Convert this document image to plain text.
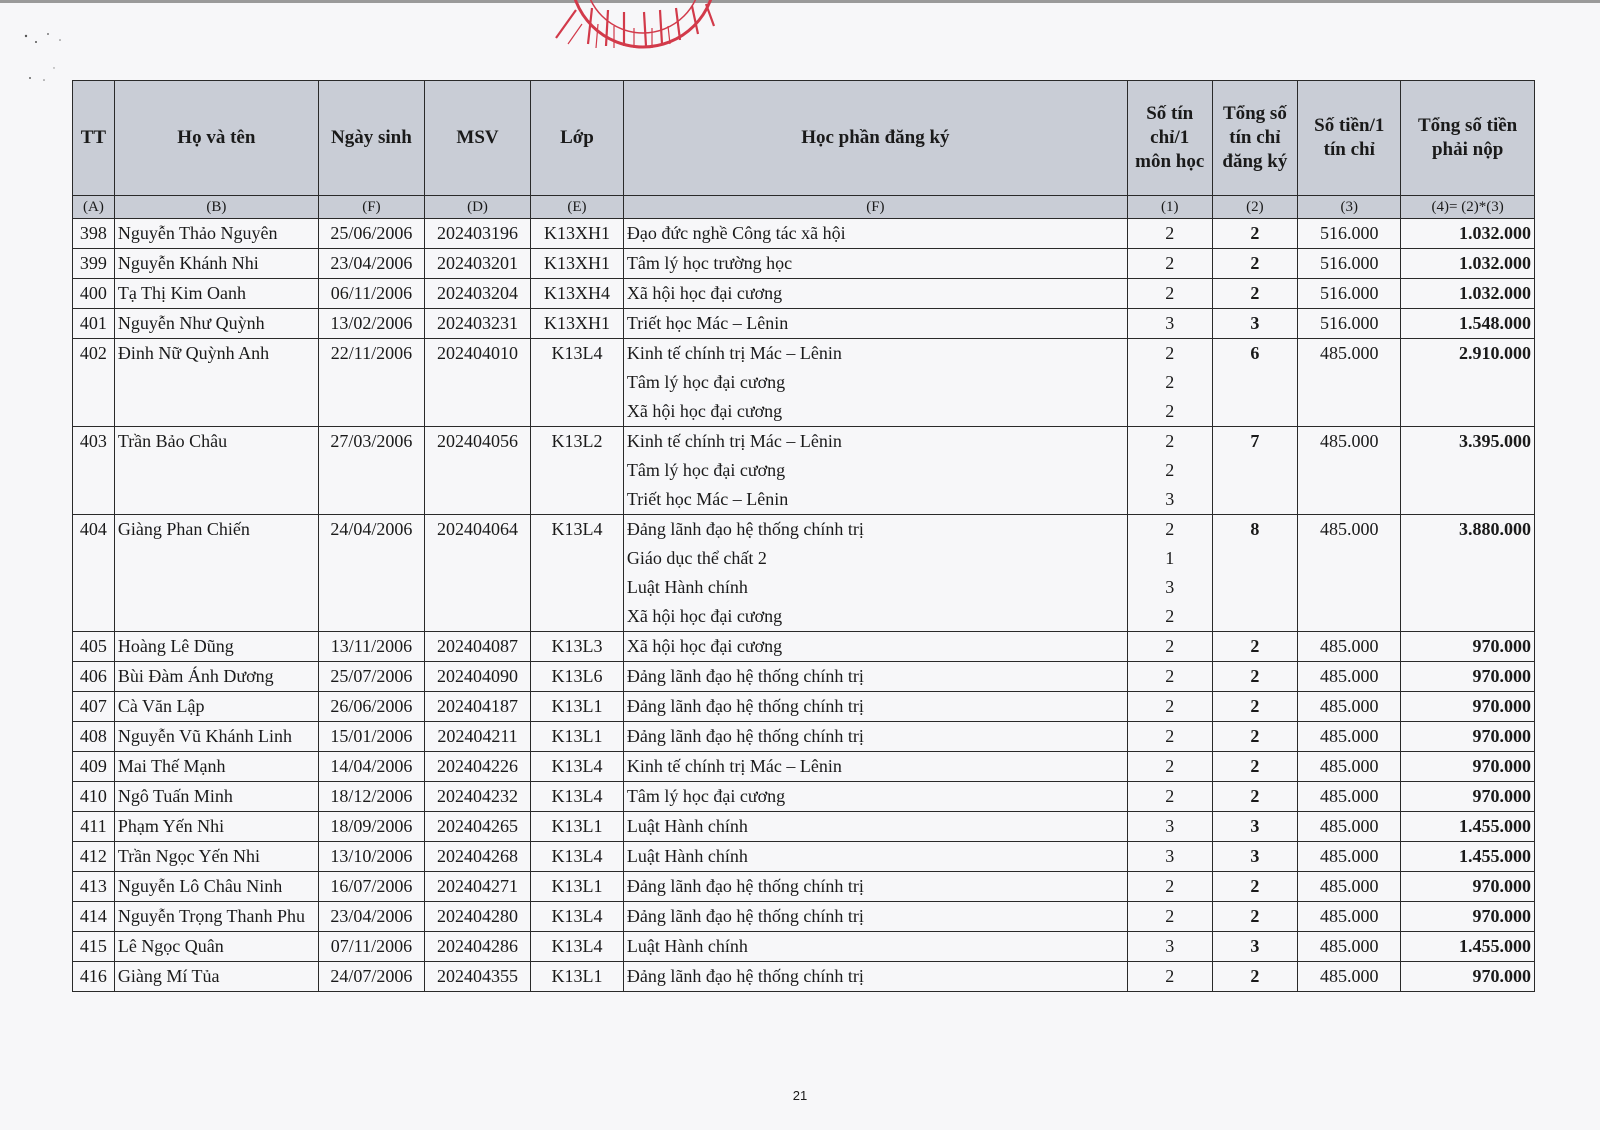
TT	Họ và tên	Ngày sinh	MSV	Lớp	Học phần đăng ký	Số tín chỉ/1 môn học	Tổng số tín chỉ đăng ký	Số tiền/1 tín chỉ	Tổng số tiền phải nộp
(A)	(B)	(F)	(D)	(E)	(F)	(1)	(2)	(3)	(4)= (2)*(3)
398	Nguyễn Thảo Nguyên	25/06/2006	202403196	K13XH1	Đạo đức nghề Công tác xã hội	2	2	516.000	1.032.000
399	Nguyễn Khánh Nhi	23/04/2006	202403201	K13XH1	Tâm lý học trường học	2	2	516.000	1.032.000
400	Tạ Thị Kim Oanh	06/11/2006	202403204	K13XH4	Xã hội học đại cương	2	2	516.000	1.032.000
401	Nguyễn Như Quỳnh	13/02/2006	202403231	K13XH1	Triết học Mác – Lênin	3	3	516.000	1.548.000
402	Đinh Nữ Quỳnh Anh	22/11/2006	202404010	K13L4	Kinh tế chính trị Mác – Lênin	2	6	485.000	2.910.000
					Tâm lý học đại cương	2			
					Xã hội học đại cương	2			
403	Trần Bảo Châu	27/03/2006	202404056	K13L2	Kinh tế chính trị Mác – Lênin	2	7	485.000	3.395.000
					Tâm lý học đại cương	2			
					Triết học Mác – Lênin	3			
404	Giàng Phan Chiến	24/04/2006	202404064	K13L4	Đảng lãnh đạo hệ thống chính trị	2	8	485.000	3.880.000
					Giáo dục thể chất 2	1			
					Luật Hành chính	3			
					Xã hội học đại cương	2			
405	Hoàng Lê Dũng	13/11/2006	202404087	K13L3	Xã hội học đại cương	2	2	485.000	970.000
406	Bùi Đàm Ánh Dương	25/07/2006	202404090	K13L6	Đảng lãnh đạo hệ thống chính trị	2	2	485.000	970.000
407	Cà Văn Lập	26/06/2006	202404187	K13L1	Đảng lãnh đạo hệ thống chính trị	2	2	485.000	970.000
408	Nguyễn Vũ Khánh Linh	15/01/2006	202404211	K13L1	Đảng lãnh đạo hệ thống chính trị	2	2	485.000	970.000
409	Mai Thế Mạnh	14/04/2006	202404226	K13L4	Kinh tế chính trị Mác – Lênin	2	2	485.000	970.000
410	Ngô Tuấn Minh	18/12/2006	202404232	K13L4	Tâm lý học đại cương	2	2	485.000	970.000
411	Phạm Yến Nhi	18/09/2006	202404265	K13L1	Luật Hành chính	3	3	485.000	1.455.000
412	Trần Ngọc Yến Nhi	13/10/2006	202404268	K13L4	Luật Hành chính	3	3	485.000	1.455.000
413	Nguyễn Lô Châu Ninh	16/07/2006	202404271	K13L1	Đảng lãnh đạo hệ thống chính trị	2	2	485.000	970.000
414	Nguyễn Trọng Thanh Phu	23/04/2006	202404280	K13L4	Đảng lãnh đạo hệ thống chính trị	2	2	485.000	970.000
415	Lê Ngọc Quân	07/11/2006	202404286	K13L4	Luật Hành chính	3	3	485.000	1.455.000
416	Giàng Mí Tủa	24/07/2006	202404355	K13L1	Đảng lãnh đạo hệ thống chính trị	2	2	485.000	970.000
21
